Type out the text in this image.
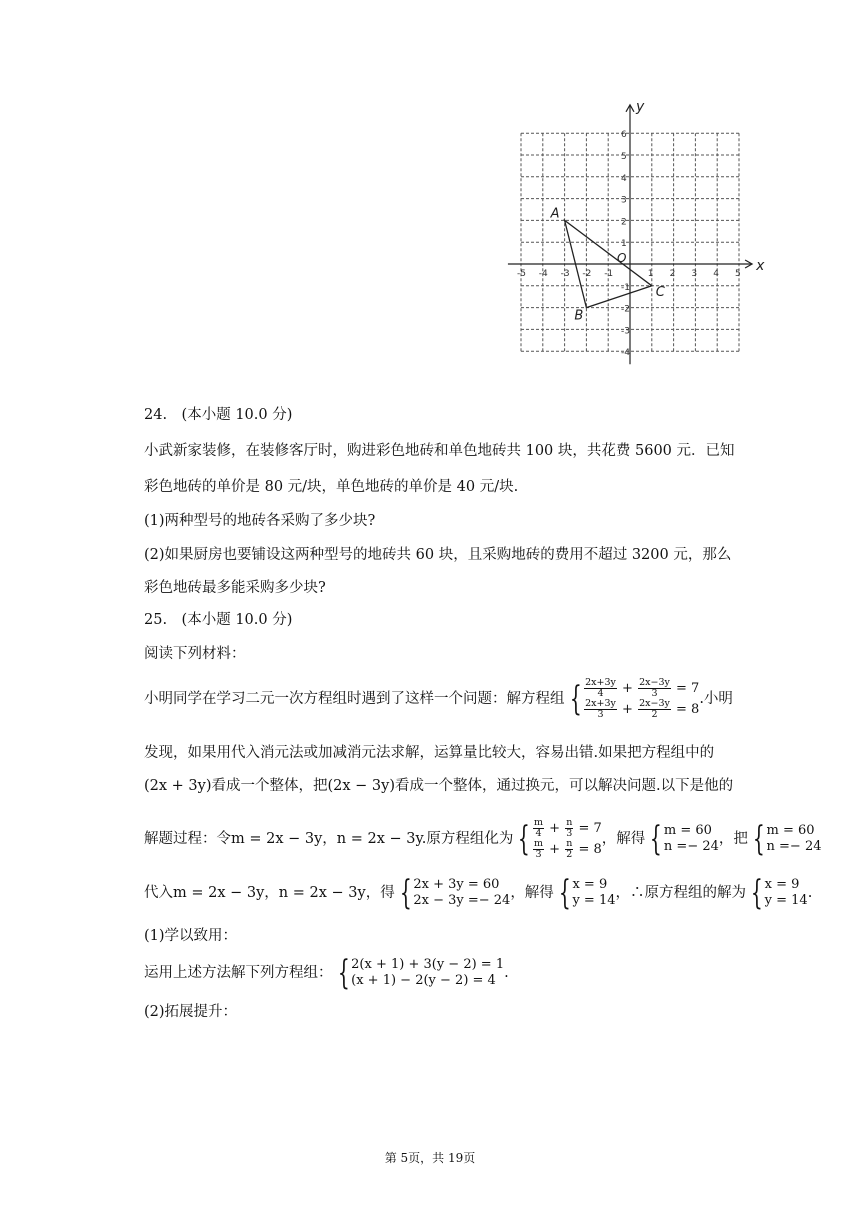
x
y
O
-5 -4 -3 -2 -1	1 2 3 4 5
6
5
4
3
2
1
-1
-2
-3
-4
A
B
C
24.　(本小题 10.0 分)
小武新家装修，在装修客厅时，购进彩色地砖和单色地砖共 100 块，共花费 5600 元．已知
彩色地砖的单价是 80 元/块，单色地砖的单价是 40 元/块.
(1)两种型号的地砖各采购了多少块?
(2)如果厨房也要铺设这两种型号的地砖共 60 块，且采购地砖的费用不超过 3200 元，那么
彩色地砖最多能采购多少块?
25.　(本小题 10.0 分)
阅读下列材料：
小明同学在学习二元一次方程组时遇到了这样一个问题：解方程组 { $\frac{2x+3y}{4} + \frac{2x-3y}{3} = 7$
$\frac{2x+3y}{3} + \frac{2x-3y}{2} = 8$
.小明
发现，如果用代入消元法或加减消元法求解，运算量比较大，容易出错.如果把方程组中的
(2x + 3y)看成一个整体，把(2x − 3y)看成一个整体，通过换元，可以解决问题.以下是他的
解题过程：令m = 2x − 3y，n = 2x − 3y.原方程组化为 { $\frac{m}{4} + \frac{n}{3} = 7$
$\frac{m}{3} + \frac{n}{2} = 8$
，解得 { m = 60
n =− 24 ，把 { m = 60
n =− 24
代入m = 2x − 3y，n = 2x − 3y，得 { 2x + 3y = 60
2x − 3y =− 24 ，解得 { x = 9
y = 14 ，∴原方程组的解为 { x = 9
y = 14 .
(1)学以致用：
运用上述方法解下列方程组： { 2(x + 1) + 3(y − 2) = 1
(x + 1) − 2(y − 2) = 4 .
(2)拓展提升：
第 5页，共 19页
